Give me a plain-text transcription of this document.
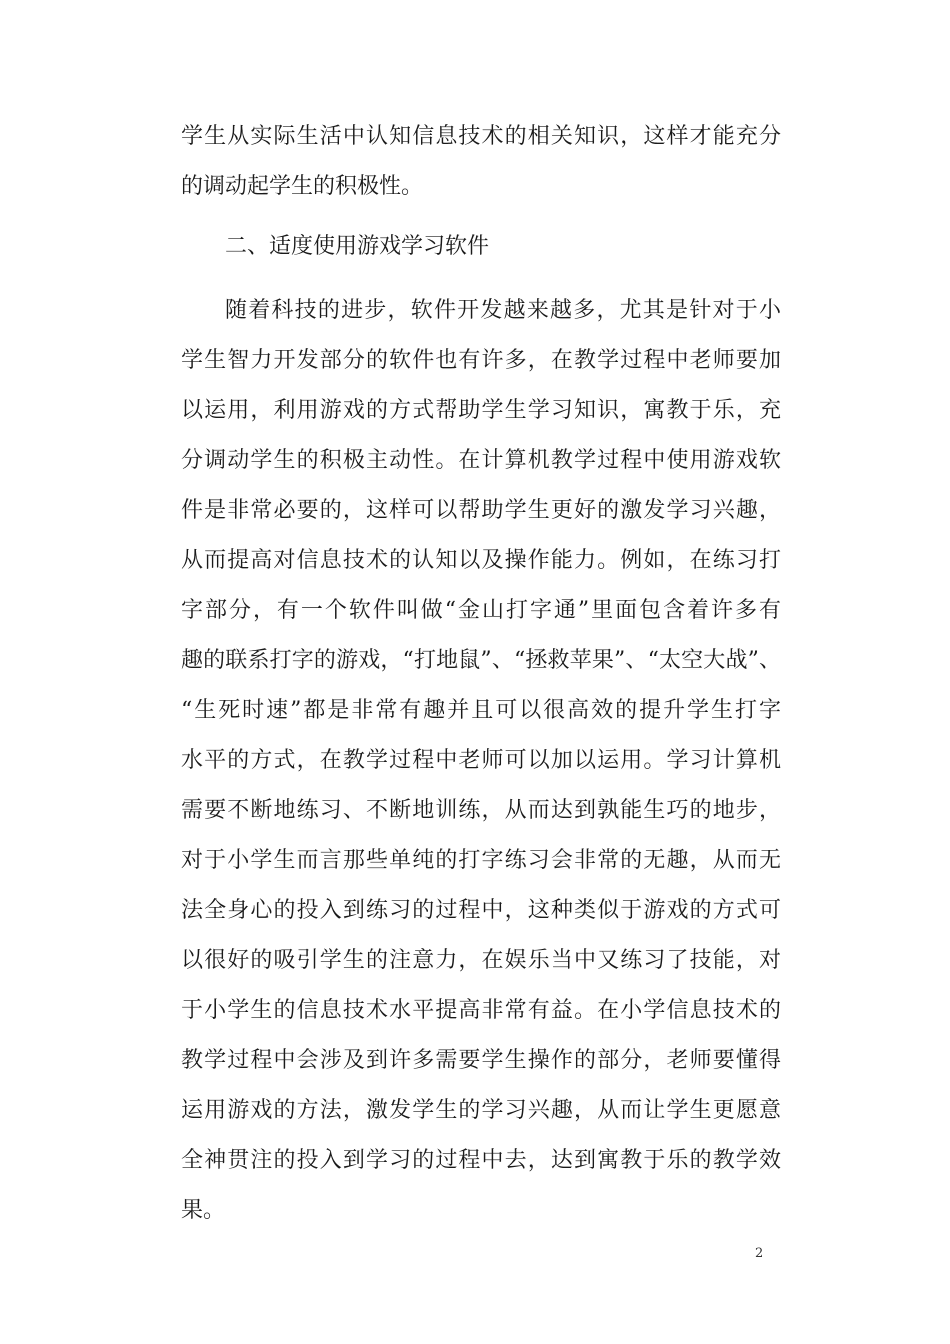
学生从实际生活中认知信息技术的相关知识，这样才能充分

的调动起学生的积极性。

二、适度使用游戏学习软件

随着科技的进步，软件开发越来越多，尤其是针对于小

学生智力开发部分的软件也有许多，在教学过程中老师要加

以运用，利用游戏的方式帮助学生学习知识，寓教于乐，充

分调动学生的积极主动性。在计算机教学过程中使用游戏软

件是非常必要的，这样可以帮助学生更好的激发学习兴趣，

从而提高对信息技术的认知以及操作能力。例如，在练习打

字部分，有一个软件叫做“金山打字通”里面包含着许多有

趣的联系打字的游戏，“打地鼠”、“拯救苹果”、“太空大战”、

“生死时速”都是非常有趣并且可以很高效的提升学生打字

水平的方式，在教学过程中老师可以加以运用。学习计算机

需要不断地练习、不断地训练，从而达到孰能生巧的地步，

对于小学生而言那些单纯的打字练习会非常的无趣，从而无

法全身心的投入到练习的过程中，这种类似于游戏的方式可

以很好的吸引学生的注意力，在娱乐当中又练习了技能，对

于小学生的信息技术水平提高非常有益。在小学信息技术的

教学过程中会涉及到许多需要学生操作的部分，老师要懂得

运用游戏的方法，激发学生的学习兴趣，从而让学生更愿意

全神贯注的投入到学习的过程中去，达到寓教于乐的教学效

果。

2
